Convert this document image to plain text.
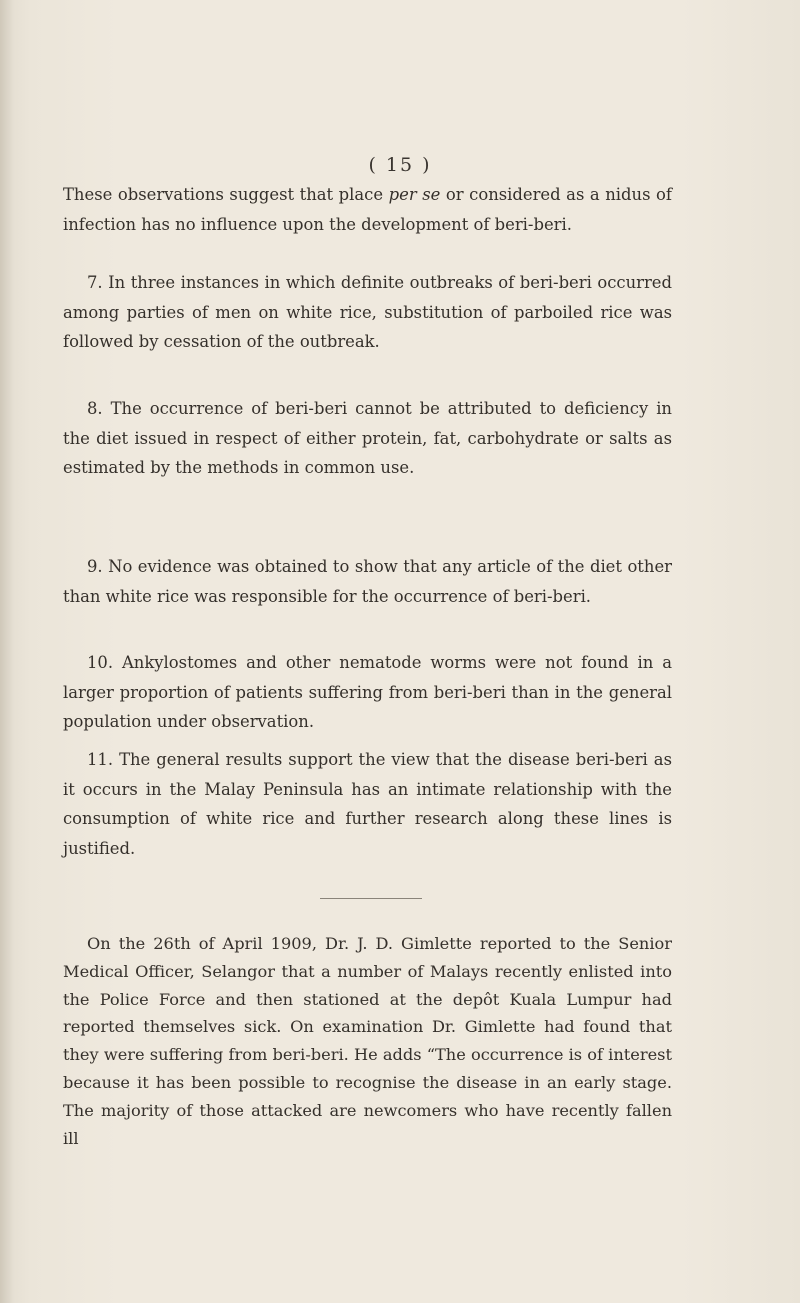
( 15 )

These observations suggest that place per se or considered as a nidus of infection has no influence upon the development of beri-beri.

7. In three instances in which definite outbreaks of beri-beri occurred among parties of men on white rice, substitution of parboiled rice was followed by cessation of the outbreak.

8. The occurrence of beri-beri cannot be attributed to deficiency in the diet issued in respect of either protein, fat, carbohydrate or salts as estimated by the methods in common use.

9. No evidence was obtained to show that any article of the diet other than white rice was responsible for the occurrence of beri-beri.

10. Ankylostomes and other nematode worms were not found in a larger proportion of patients suffering from beri-beri than in the general population under observation.

11. The general results support the view that the disease beri-beri as it occurs in the Malay Peninsula has an intimate relationship with the consumption of white rice and further research along these lines is justified.

On the 26th of April 1909, Dr. J. D. Gimlette reported to the Senior Medical Officer, Selangor that a number of Malays recently enlisted into the Police Force and then stationed at the depôt Kuala Lumpur had reported themselves sick. On examination Dr. Gimlette had found that they were suffering from beri-beri. He adds “The occurrence is of interest because it has been possible to recognise the disease in an early stage. The majority of those attacked are newcomers who have recently fallen ill
